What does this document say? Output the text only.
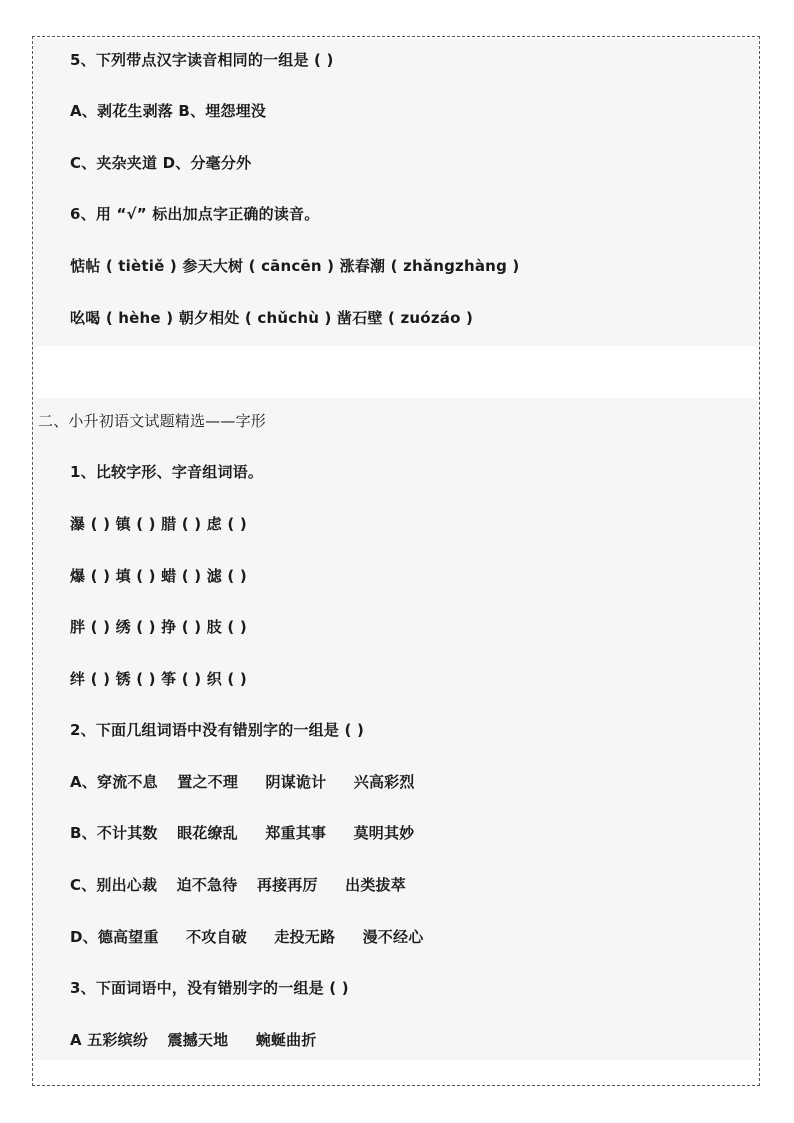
5、下列带点汉字读音相同的一组是 ( )
A、剥花生剥落 B、埋怨埋没
C、夹杂夹道 D、分毫分外
6、用 “√” 标出加点字正确的读音。
惦帖 ( tiètiě ) 参天大树 ( cāncēn ) 涨春潮 ( zhǎngzhàng )
吆喝 ( hèhe ) 朝夕相处 ( chǔchù ) 凿石壁 ( zuózáo )
二、小升初语文试题精选——字形
1、比较字形、字音组词语。
瀑 ( ) 镇 ( ) 腊 ( ) 虑 ( )
爆 ( ) 填 ( ) 蜡 ( ) 滤 ( )
胖 ( ) 绣 ( ) 挣 ( ) 肢 ( )
绊 ( ) 锈 ( ) 筝 ( ) 织 ( )
2、下面几组词语中没有错别字的一组是 ( )
A、穿流不息 置之不理 阴谋诡计 兴高彩烈
B、不计其数 眼花缭乱 郑重其事 莫明其妙
C、别出心裁 迫不急待 再接再厉 出类拔萃
D、德高望重 不攻自破 走投无路 漫不经心
3、下面词语中，没有错别字的一组是 ( )
A 五彩缤纷 震撼天地 蜿蜒曲折
